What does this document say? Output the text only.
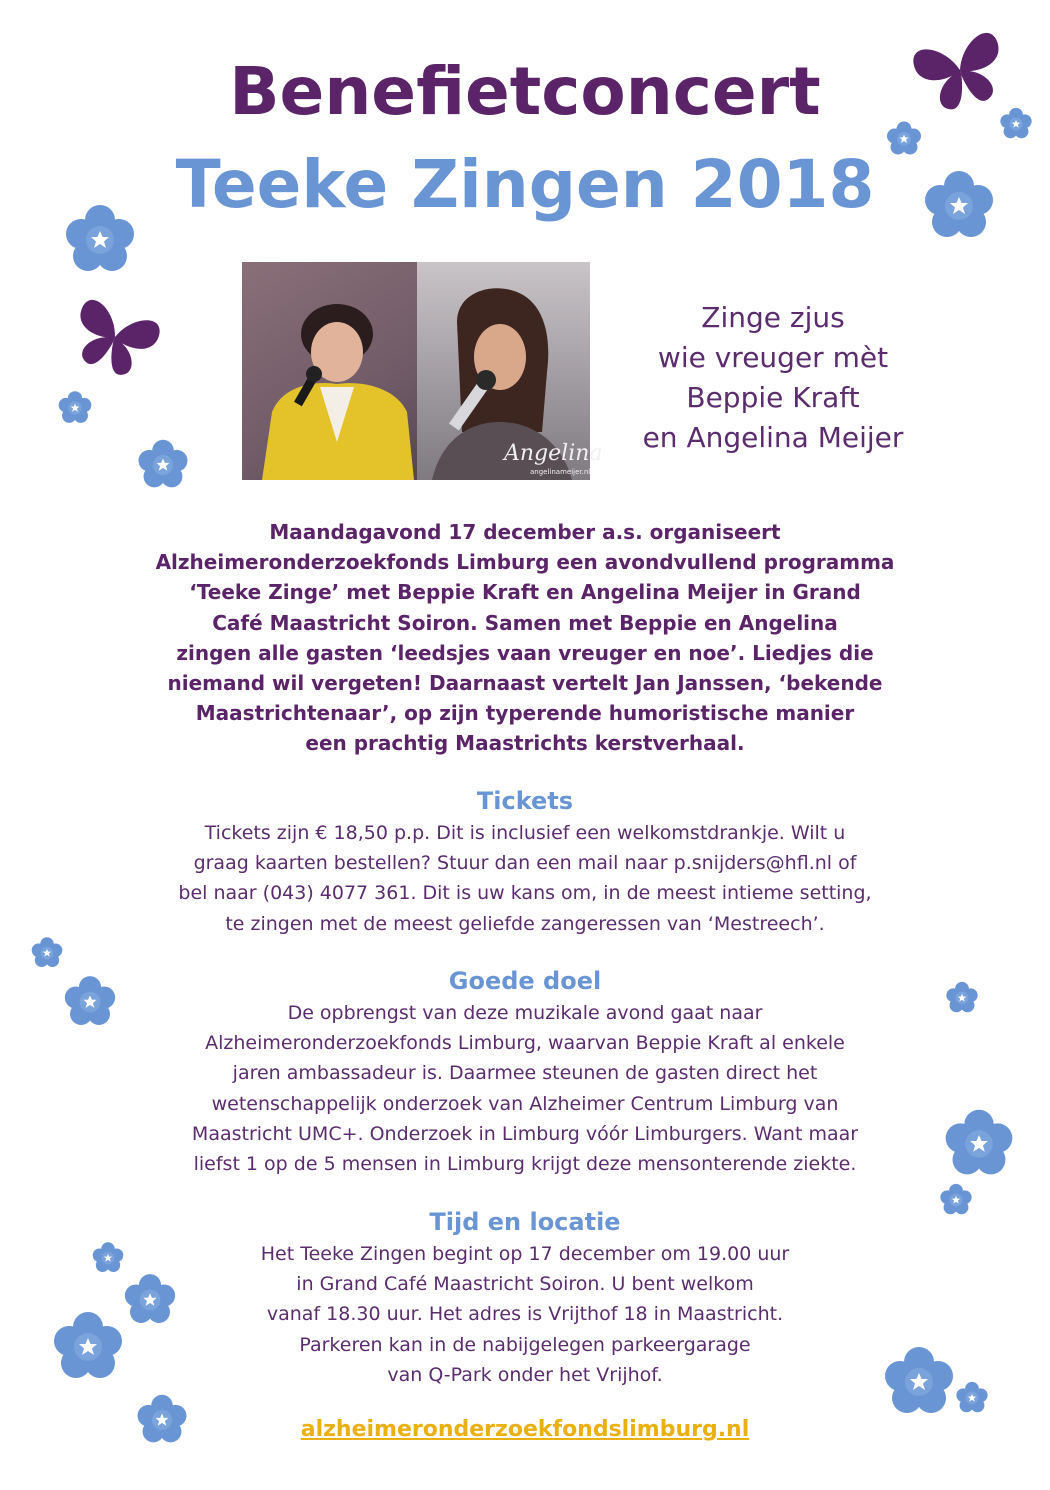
Benefietconcert
Teeke Zingen 2018
Angelina
angelinameijer.nl
Zinge zjus
wie vreuger mèt
Beppie Kraft
en Angelina Meijer
Maandagavond 17 december a.s. organiseert
Alzheimeronderzoekfonds Limburg een avondvullend programma
‘Teeke Zinge’ met Beppie Kraft en Angelina Meijer in Grand
Café Maastricht Soiron. Samen met Beppie en Angelina
zingen alle gasten ‘leedsjes vaan vreuger en noe’. Liedjes die
niemand wil vergeten! Daarnaast vertelt Jan Janssen, ‘bekende
Maastrichtenaar’, op zijn typerende humoristische manier
een prachtig Maastrichts kerstverhaal.
Tickets
Tickets zijn € 18,50 p.p. Dit is inclusief een welkomstdrankje. Wilt u
graag kaarten bestellen? Stuur dan een mail naar p.snijders@hfl.nl of
bel naar (043) 4077 361. Dit is uw kans om, in de meest intieme setting,
te zingen met de meest geliefde zangeressen van ‘Mestreech’.
Goede doel
De opbrengst van deze muzikale avond gaat naar
Alzheimeronderzoekfonds Limburg, waarvan Beppie Kraft al enkele
jaren ambassadeur is. Daarmee steunen de gasten direct het
wetenschappelijk onderzoek van Alzheimer Centrum Limburg van
Maastricht UMC+. Onderzoek in Limburg vóór Limburgers. Want maar
liefst 1 op de 5 mensen in Limburg krijgt deze mensonterende ziekte.
Tijd en locatie
Het Teeke Zingen begint op 17 december om 19.00 uur
in Grand Café Maastricht Soiron. U bent welkom
vanaf 18.30 uur. Het adres is Vrijthof 18 in Maastricht.
Parkeren kan in de nabijgelegen parkeergarage
van Q-Park onder het Vrijhof.
alzheimeronderzoekfondslimburg.nl
